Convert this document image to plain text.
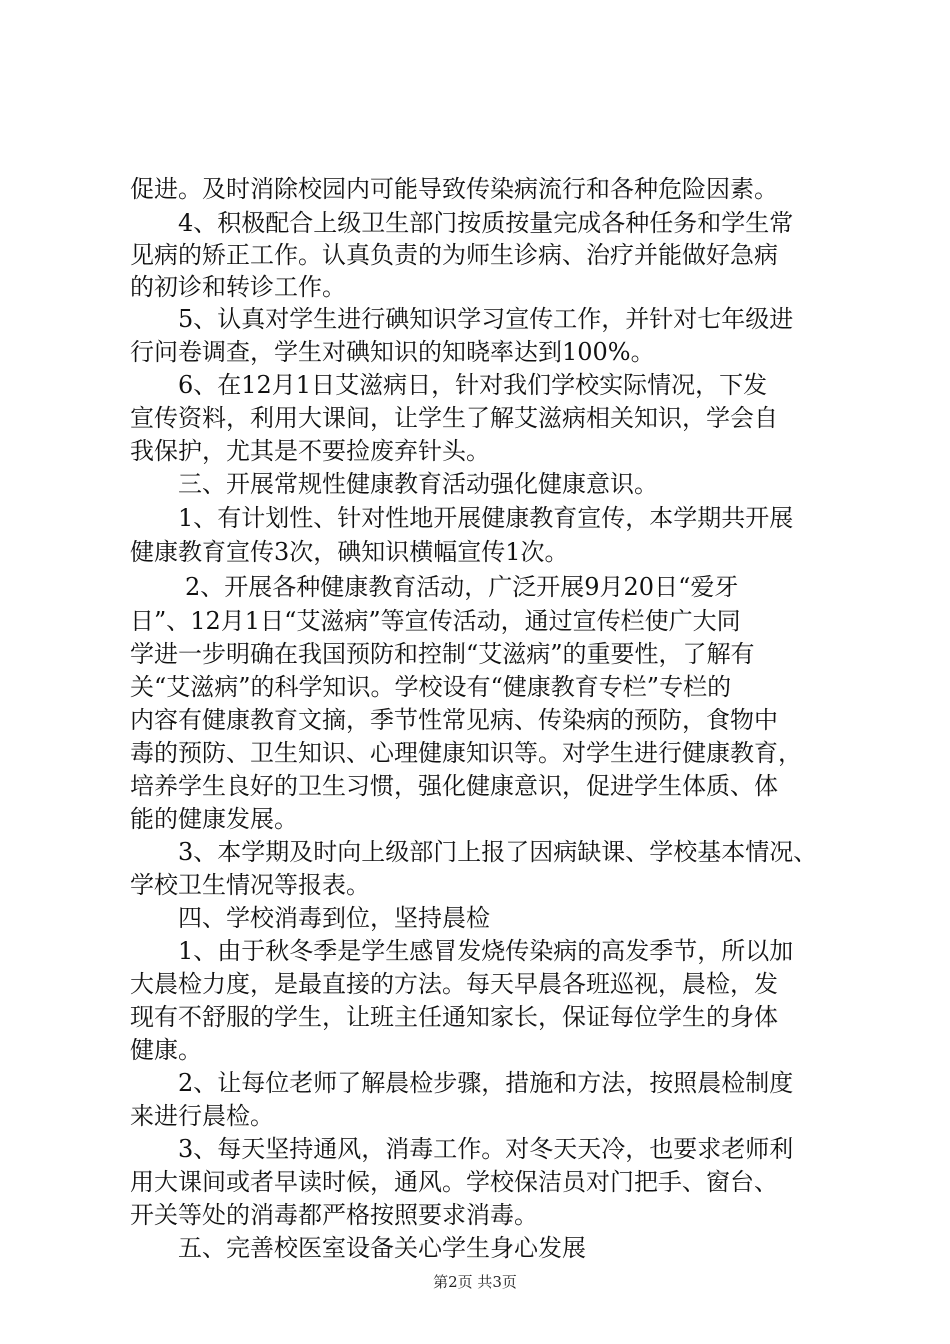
促进。及时消除校园内可能导致传染病流行和各种危险因素。
4、积极配合上级卫生部门按质按量完成各种任务和学生常
见病的矫正工作。认真负责的为师生诊病、治疗并能做好急病
的初诊和转诊工作。
5、认真对学生进行碘知识学习宣传工作，并针对七年级进
行问卷调查，学生对碘知识的知晓率达到100%。
6、在12月1日艾滋病日，针对我们学校实际情况，下发
宣传资料，利用大课间，让学生了解艾滋病相关知识，学会自
我保护，尤其是不要捡废弃针头。
三、开展常规性健康教育活动强化健康意识。
1、有计划性、针对性地开展健康教育宣传，本学期共开展
健康教育宣传3次，碘知识横幅宣传1次。
2、开展各种健康教育活动，广泛开展9月20日“爱牙
日”、12月1日“艾滋病”等宣传活动，通过宣传栏使广大同
学进一步明确在我国预防和控制“艾滋病”的重要性，了解有
关“艾滋病”的科学知识。学校设有“健康教育专栏”专栏的
内容有健康教育文摘，季节性常见病、传染病的预防，食物中
毒的预防、卫生知识、心理健康知识等。对学生进行健康教育，
培养学生良好的卫生习惯，强化健康意识，促进学生体质、体
能的健康发展。
3、本学期及时向上级部门上报了因病缺课、学校基本情况、
学校卫生情况等报表。
四、学校消毒到位，坚持晨检
1、由于秋冬季是学生感冒发烧传染病的高发季节，所以加
大晨检力度，是最直接的方法。每天早晨各班巡视，晨检，发
现有不舒服的学生，让班主任通知家长，保证每位学生的身体
健康。
2、让每位老师了解晨检步骤，措施和方法，按照晨检制度
来进行晨检。
3、每天坚持通风，消毒工作。对冬天天冷，也要求老师利
用大课间或者早读时候，通风。学校保洁员对门把手、窗台、
开关等处的消毒都严格按照要求消毒。
五、完善校医室设备关心学生身心发展
第2页 共3页
